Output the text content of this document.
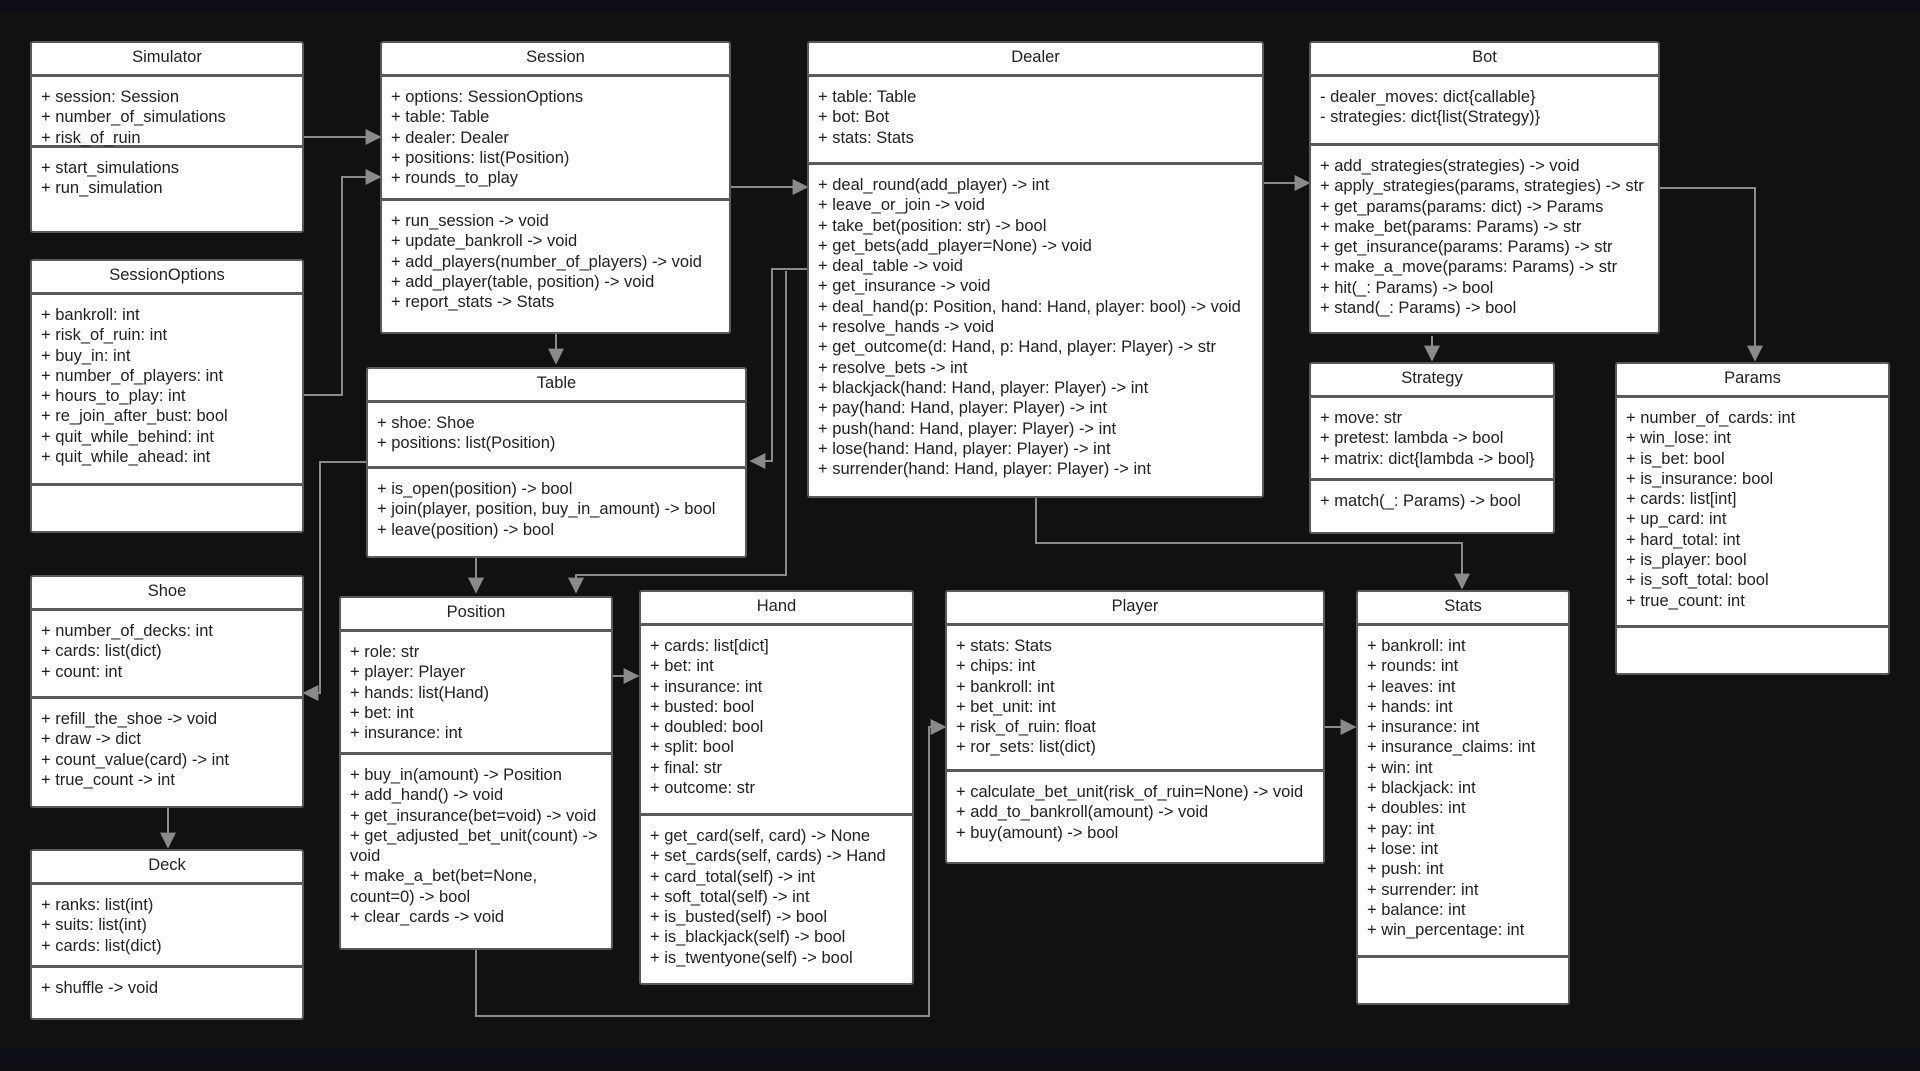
Simulator
+ session: Session
+ number_of_simulations
+ risk_of_ruin
+ start_simulations
+ run_simulation
Session
+ options: SessionOptions
+ table: Table
+ dealer: Dealer
+ positions: list(Position)
+ rounds_to_play
+ run_session -> void
+ update_bankroll -> void
+ add_players(number_of_players) -> void
+ add_player(table, position) -> void
+ report_stats -> Stats
Dealer
+ table: Table
+ bot: Bot
+ stats: Stats
+ deal_round(add_player) -> int
+ leave_or_join -> void
+ take_bet(position: str) -> bool
+ get_bets(add_player=None) -> void
+ deal_table -> void
+ get_insurance -> void
+ deal_hand(p: Position, hand: Hand, player: bool) -> void
+ resolve_hands -> void
+ get_outcome(d: Hand, p: Hand, player: Player) -> str
+ resolve_bets -> int
+ blackjack(hand: Hand, player: Player) -> int
+ pay(hand: Hand, player: Player) -> int
+ push(hand: Hand, player: Player) -> int
+ lose(hand: Hand, player: Player) -> int
+ surrender(hand: Hand, player: Player) -> int
Bot
- dealer_moves: dict{callable}
- strategies: dict{list(Strategy)}
+ add_strategies(strategies) -> void
+ apply_strategies(params, strategies) -> str
+ get_params(params: dict) -> Params
+ make_bet(params: Params) -> str
+ get_insurance(params: Params) -> str
+ make_a_move(params: Params) -> str
+ hit(_: Params) -> bool
+ stand(_: Params) -> bool
SessionOptions
+ bankroll: int
+ risk_of_ruin: int
+ buy_in: int
+ number_of_players: int
+ hours_to_play: int
+ re_join_after_bust: bool
+ quit_while_behind: int
+ quit_while_ahead: int
Table
+ shoe: Shoe
+ positions: list(Position)
+ is_open(position) -> bool
+ join(player, position, buy_in_amount) -> bool
+ leave(position) -> bool
Strategy
+ move: str
+ pretest: lambda -> bool
+ matrix: dict{lambda -> bool}
+ match(_: Params) -> bool
Params
+ number_of_cards: int
+ win_lose: int
+ is_bet: bool
+ is_insurance: bool
+ cards: list[int]
+ up_card: int
+ hard_total: int
+ is_player: bool
+ is_soft_total: bool
+ true_count: int
Shoe
+ number_of_decks: int
+ cards: list(dict)
+ count: int
+ refill_the_shoe -> void
+ draw -> dict
+ count_value(card) -> int
+ true_count -> int
Position
+ role: str
+ player: Player
+ hands: list(Hand)
+ bet: int
+ insurance: int
+ buy_in(amount) -> Position
+ add_hand() -> void
+ get_insurance(bet=void) -> void
+ get_adjusted_bet_unit(count) -> void
+ make_a_bet(bet=None, count=0) -> bool
+ clear_cards -> void
Hand
+ cards: list[dict]
+ bet: int
+ insurance: int
+ busted: bool
+ doubled: bool
+ split: bool
+ final: str
+ outcome: str
+ get_card(self, card) -> None
+ set_cards(self, cards) -> Hand
+ card_total(self) -> int
+ soft_total(self) -> int
+ is_busted(self) -> bool
+ is_blackjack(self) -> bool
+ is_twentyone(self) -> bool
Player
+ stats: Stats
+ chips: int
+ bankroll: int
+ bet_unit: int
+ risk_of_ruin: float
+ ror_sets: list(dict)
+ calculate_bet_unit(risk_of_ruin=None) -> void
+ add_to_bankroll(amount) -> void
+ buy(amount) -> bool
Stats
+ bankroll: int
+ rounds: int
+ leaves: int
+ hands: int
+ insurance: int
+ insurance_claims: int
+ win: int
+ blackjack: int
+ doubles: int
+ pay: int
+ lose: int
+ push: int
+ surrender: int
+ balance: int
+ win_percentage: int
Deck
+ ranks: list(int)
+ suits: list(int)
+ cards: list(dict)
+ shuffle -> void
